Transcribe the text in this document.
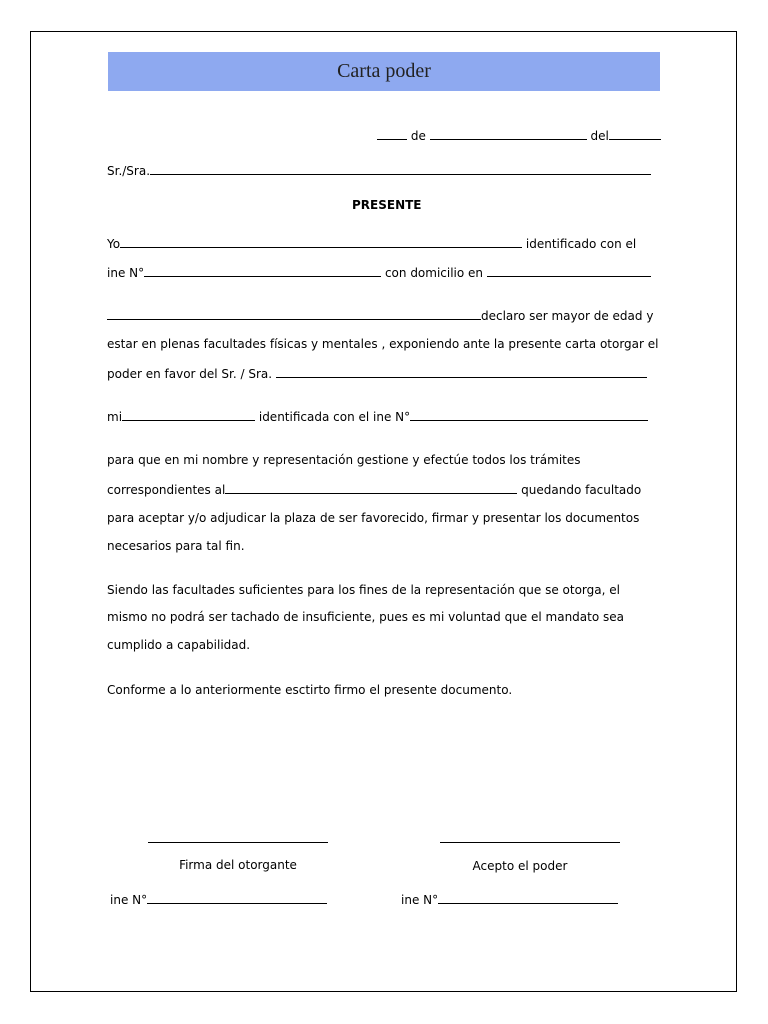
Carta poder
de	del
Sr./Sra.
PRESENTE
Yo	identificado con el
ine N°	con domicilio en
declaro ser mayor de edad y
estar en plenas facultades físicas y mentales , exponiendo ante la presente carta otorgar el
poder en favor del Sr. / Sra.
mi	identificada con el ine N°
para que en mi nombre y representación gestione y efectúe todos los trámites
correspondientes al	quedando facultado
para aceptar y/o adjudicar la plaza de ser favorecido, firmar y presentar los documentos
necesarios para tal fin.
Siendo las facultades suficientes para los fines de la representación que se otorga, el
mismo no podrá ser tachado de insuficiente, pues es mi voluntad que el mandato sea
cumplido a capabilidad.
Conforme a lo anteriormente esctirto firmo el presente documento.
Firma del otorgante	Acepto el poder
ine N°	ine N°
